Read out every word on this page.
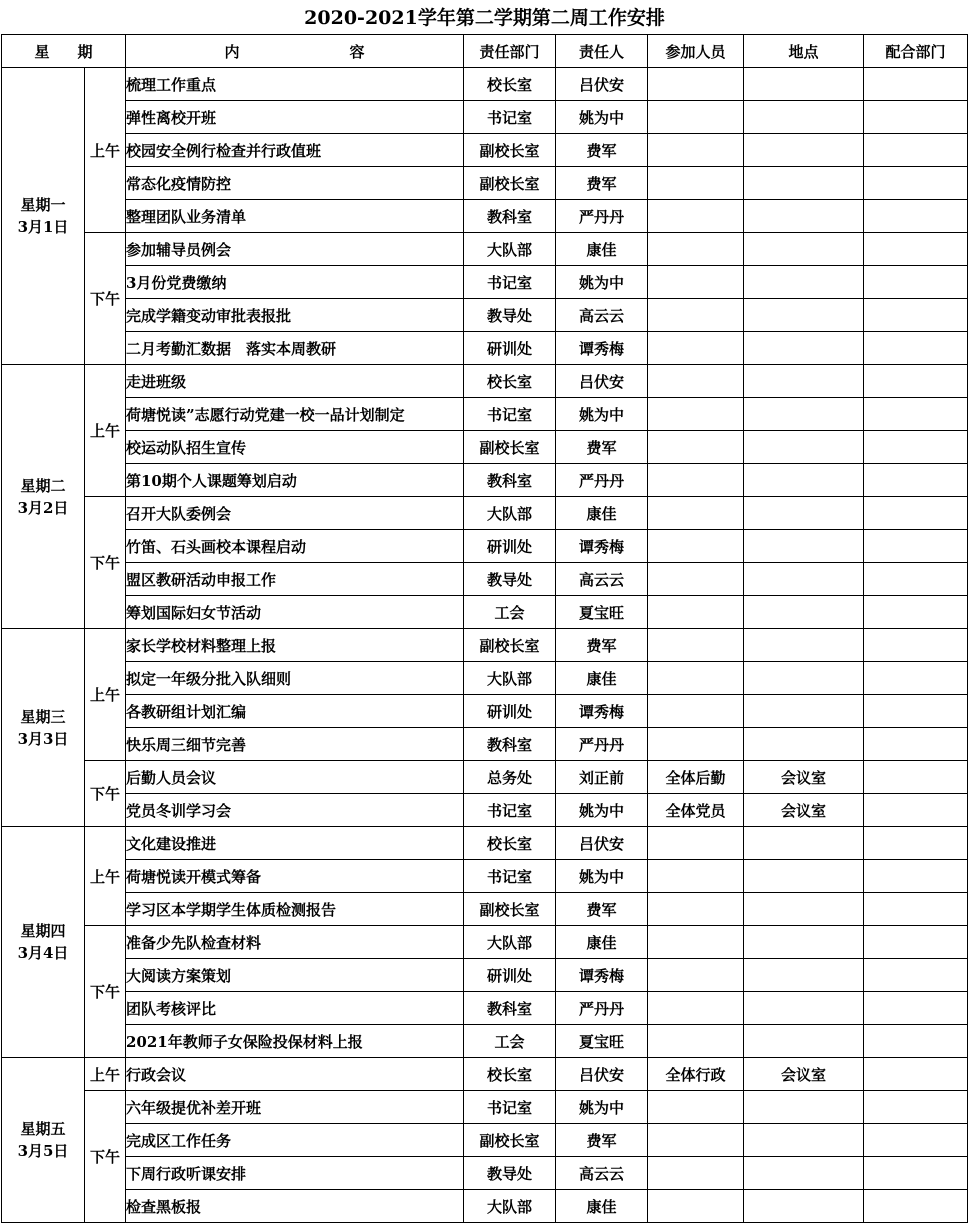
2020-2021学年第二学期第二周工作安排
星 期		内 容	责任部门	责任人	参加人员	地点	配合部门

星期一
3月1日	上午	梳理工作重点	校长室	吕伏安			
		弹性离校开班	书记室	姚为中			
		校园安全例行检查并行政值班	副校长室	费军			
		常态化疫情防控	副校长室	费军			
		整理团队业务清单	教科室	严丹丹			
	下午	参加辅导员例会	大队部	康佳			
		3月份党费缴纳	书记室	姚为中			
		完成学籍变动审批表报批	教导处	高云云			
		二月考勤汇数据　落实本周教研	研训处	谭秀梅			

星期二
3月2日	上午	走进班级	校长室	吕伏安			
		荷塘悦读”志愿行动党建一校一品计划制定	书记室	姚为中			
		校运动队招生宣传	副校长室	费军			
		第10期个人课题筹划启动	教科室	严丹丹			
	下午	召开大队委例会	大队部	康佳			
		竹笛、石头画校本课程启动	研训处	谭秀梅			
		盟区教研活动申报工作	教导处	高云云			
		筹划国际妇女节活动	工会	夏宝旺			

星期三
3月3日	上午	家长学校材料整理上报	副校长室	费军			
		拟定一年级分批入队细则	大队部	康佳			
		各教研组计划汇编	研训处	谭秀梅			
		快乐周三细节完善	教科室	严丹丹			
	下午	后勤人员会议	总务处	刘正前	全体后勤	会议室	
		党员冬训学习会	书记室	姚为中	全体党员	会议室	

星期四
3月4日	上午	文化建设推进	校长室	吕伏安			
		荷塘悦读开模式筹备	书记室	姚为中			
		学习区本学期学生体质检测报告	副校长室	费军			
	下午	准备少先队检查材料	大队部	康佳			
		大阅读方案策划	研训处	谭秀梅			
		团队考核评比	教科室	严丹丹			
		2021年教师子女保险投保材料上报	工会	夏宝旺			

星期五
3月5日	上午	行政会议	校长室	吕伏安	全体行政	会议室	
	下午	六年级提优补差开班	书记室	姚为中			
		完成区工作任务	副校长室	费军			
		下周行政听课安排	教导处	高云云			
		检查黑板报	大队部	康佳			
